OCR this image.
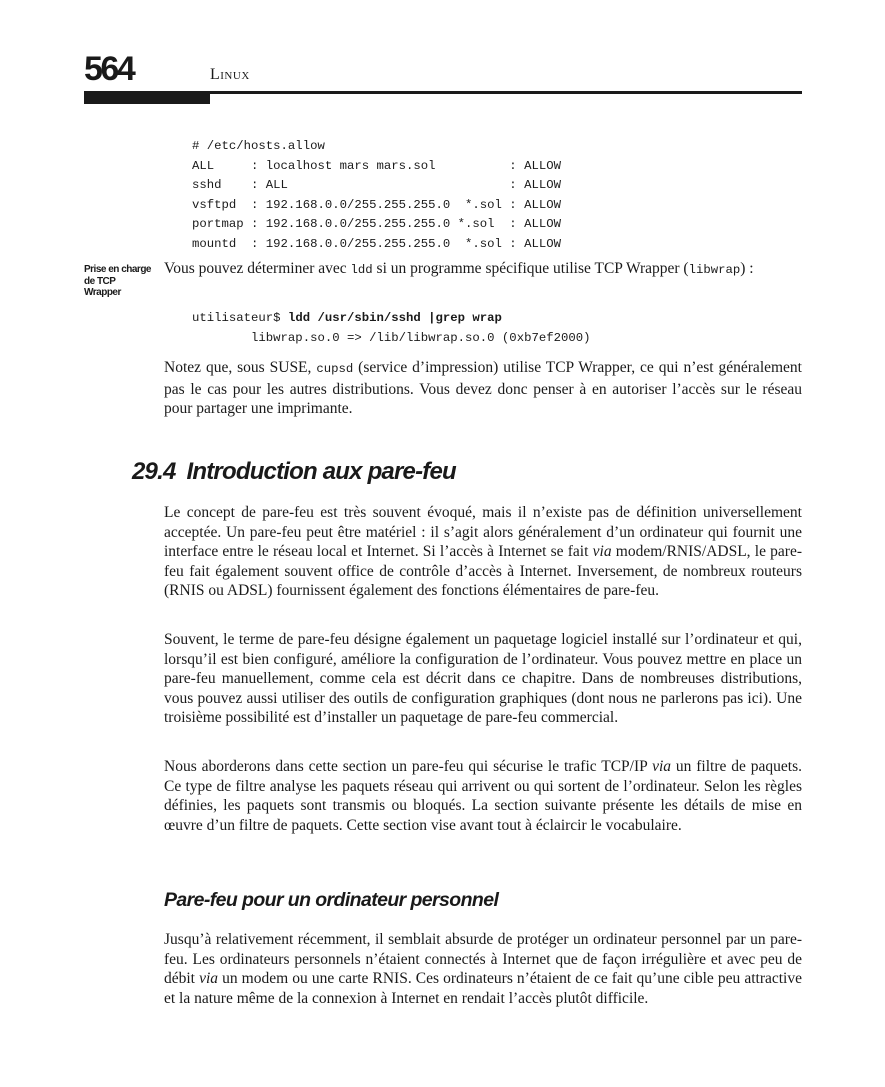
564	Linux
# /etc/hosts.allow
ALL     : localhost mars mars.sol          : ALLOW
sshd    : ALL                              : ALLOW
vsftpd  : 192.168.0.0/255.255.255.0  *.sol : ALLOW
portmap : 192.168.0.0/255.255.255.0 *.sol  : ALLOW
mountd  : 192.168.0.0/255.255.255.0  *.sol : ALLOW
Prise en charge
de TCP
Wrapper

Vous pouvez déterminer avec ldd si un programme spécifique utilise TCP Wrapper (libwrap) :

utilisateur$ ldd /usr/sbin/sshd |grep wrap
libwrap.so.0 => /lib/libwrap.so.0 (0xb7ef2000)

Notez que, sous SUSE, cupsd (service d’impression) utilise TCP Wrapper, ce qui n’est généralement pas le cas pour les autres distributions. Vous devez donc penser à en autoriser l’accès sur le réseau pour partager une imprimante.

29.4 Introduction aux pare-feu

Le concept de pare-feu est très souvent évoqué, mais il n’existe pas de définition universellement acceptée. Un pare-feu peut être matériel : il s’agit alors généralement d’un ordinateur qui fournit une interface entre le réseau local et Internet. Si l’accès à Internet se fait via modem/RNIS/ADSL, le pare-feu fait également souvent office de contrôle d’accès à Internet. Inversement, de nombreux routeurs (RNIS ou ADSL) fournissent également des fonctions élémentaires de pare-feu.

Souvent, le terme de pare-feu désigne également un paquetage logiciel installé sur l’ordinateur et qui, lorsqu’il est bien configuré, améliore la configuration de l’ordinateur. Vous pouvez mettre en place un pare-feu manuellement, comme cela est décrit dans ce chapitre. Dans de nombreuses distributions, vous pouvez aussi utiliser des outils de configuration graphiques (dont nous ne parlerons pas ici). Une troisième possibilité est d’installer un paquetage de pare-feu commercial.

Nous aborderons dans cette section un pare-feu qui sécurise le trafic TCP/IP via un filtre de paquets. Ce type de filtre analyse les paquets réseau qui arrivent ou qui sortent de l’ordinateur. Selon les règles définies, les paquets sont transmis ou bloqués. La section suivante présente les détails de mise en œuvre d’un filtre de paquets. Cette section vise avant tout à éclaircir le vocabulaire.

Pare-feu pour un ordinateur personnel

Jusqu’à relativement récemment, il semblait absurde de protéger un ordinateur personnel par un pare-feu. Les ordinateurs personnels n’étaient connectés à Internet que de façon irrégulière et avec peu de débit via un modem ou une carte RNIS. Ces ordinateurs n’étaient de ce fait qu’une cible peu attractive et la nature même de la connexion à Internet en rendait l’accès plutôt difficile.
